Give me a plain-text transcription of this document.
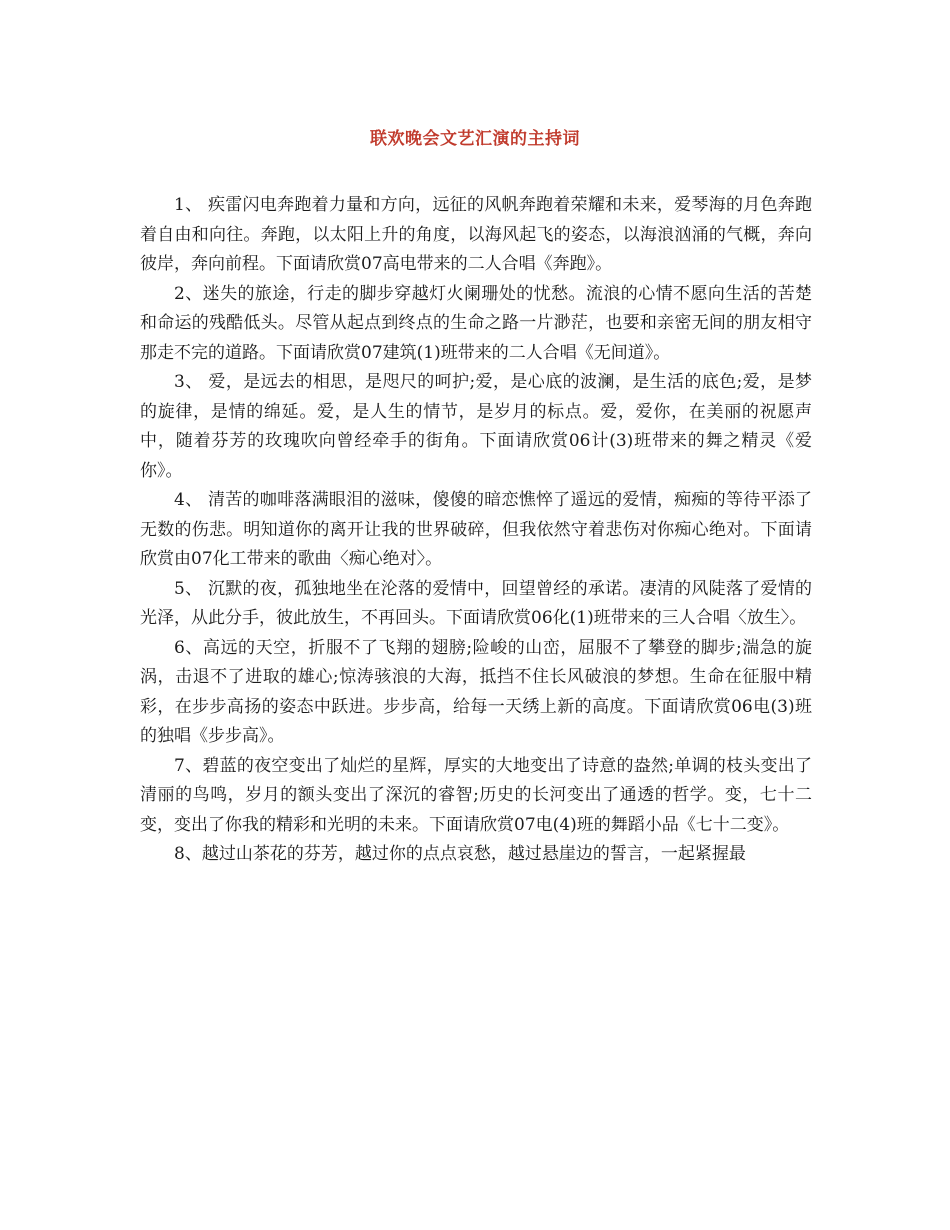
联欢晚会文艺汇演的主持词

1、 疾雷闪电奔跑着力量和方向，远征的风帆奔跑着荣耀和未来，爱琴海的月色奔跑着自由和向往。奔跑，以太阳上升的角度，以海风起飞的姿态，以海浪汹涌的气概，奔向彼岸，奔向前程。下面请欣赏07高电带来的二人合唱《奔跑》。

2、迷失的旅途，行走的脚步穿越灯火阑珊处的忧愁。流浪的心情不愿向生活的苦楚和命运的残酷低头。尽管从起点到终点的生命之路一片渺茫，也要和亲密无间的朋友相守那走不完的道路。下面请欣赏07建筑(1)班带来的二人合唱《无间道》。

3、 爱，是远去的相思，是咫尺的呵护;爱，是心底的波澜，是生活的底色;爱，是梦的旋律，是情的绵延。爱，是人生的情节，是岁月的标点。爱，爱你，在美丽的祝愿声中，随着芬芳的玫瑰吹向曾经牵手的街角。下面请欣赏06计(3)班带来的舞之精灵《爱你》。

4、 清苦的咖啡落满眼泪的滋味，傻傻的暗恋憔悴了遥远的爱情，痴痴的等待平添了无数的伤悲。明知道你的离开让我的世界破碎，但我依然守着悲伤对你痴心绝对。下面请欣赏由07化工带来的歌曲〈痴心绝对〉。

5、 沉默的夜，孤独地坐在沦落的爱情中，回望曾经的承诺。凄清的风陡落了爱情的光泽，从此分手，彼此放生，不再回头。下面请欣赏06化(1)班带来的三人合唱〈放生〉。

6、高远的天空，折服不了飞翔的翅膀;险峻的山峦，屈服不了攀登的脚步;湍急的旋涡，击退不了进取的雄心;惊涛骇浪的大海，抵挡不住长风破浪的梦想。生命在征服中精彩，在步步高扬的姿态中跃进。步步高，给每一天绣上新的高度。下面请欣赏06电(3)班的独唱《步步高》。

7、碧蓝的夜空变出了灿烂的星辉，厚实的大地变出了诗意的盎然;单调的枝头变出了清丽的鸟鸣，岁月的额头变出了深沉的睿智;历史的长河变出了通透的哲学。变，七十二变，变出了你我的精彩和光明的未来。下面请欣赏07电(4)班的舞蹈小品《七十二变》。

8、越过山茶花的芬芳，越过你的点点哀愁，越过悬崖边的誓言，一起紧握最
